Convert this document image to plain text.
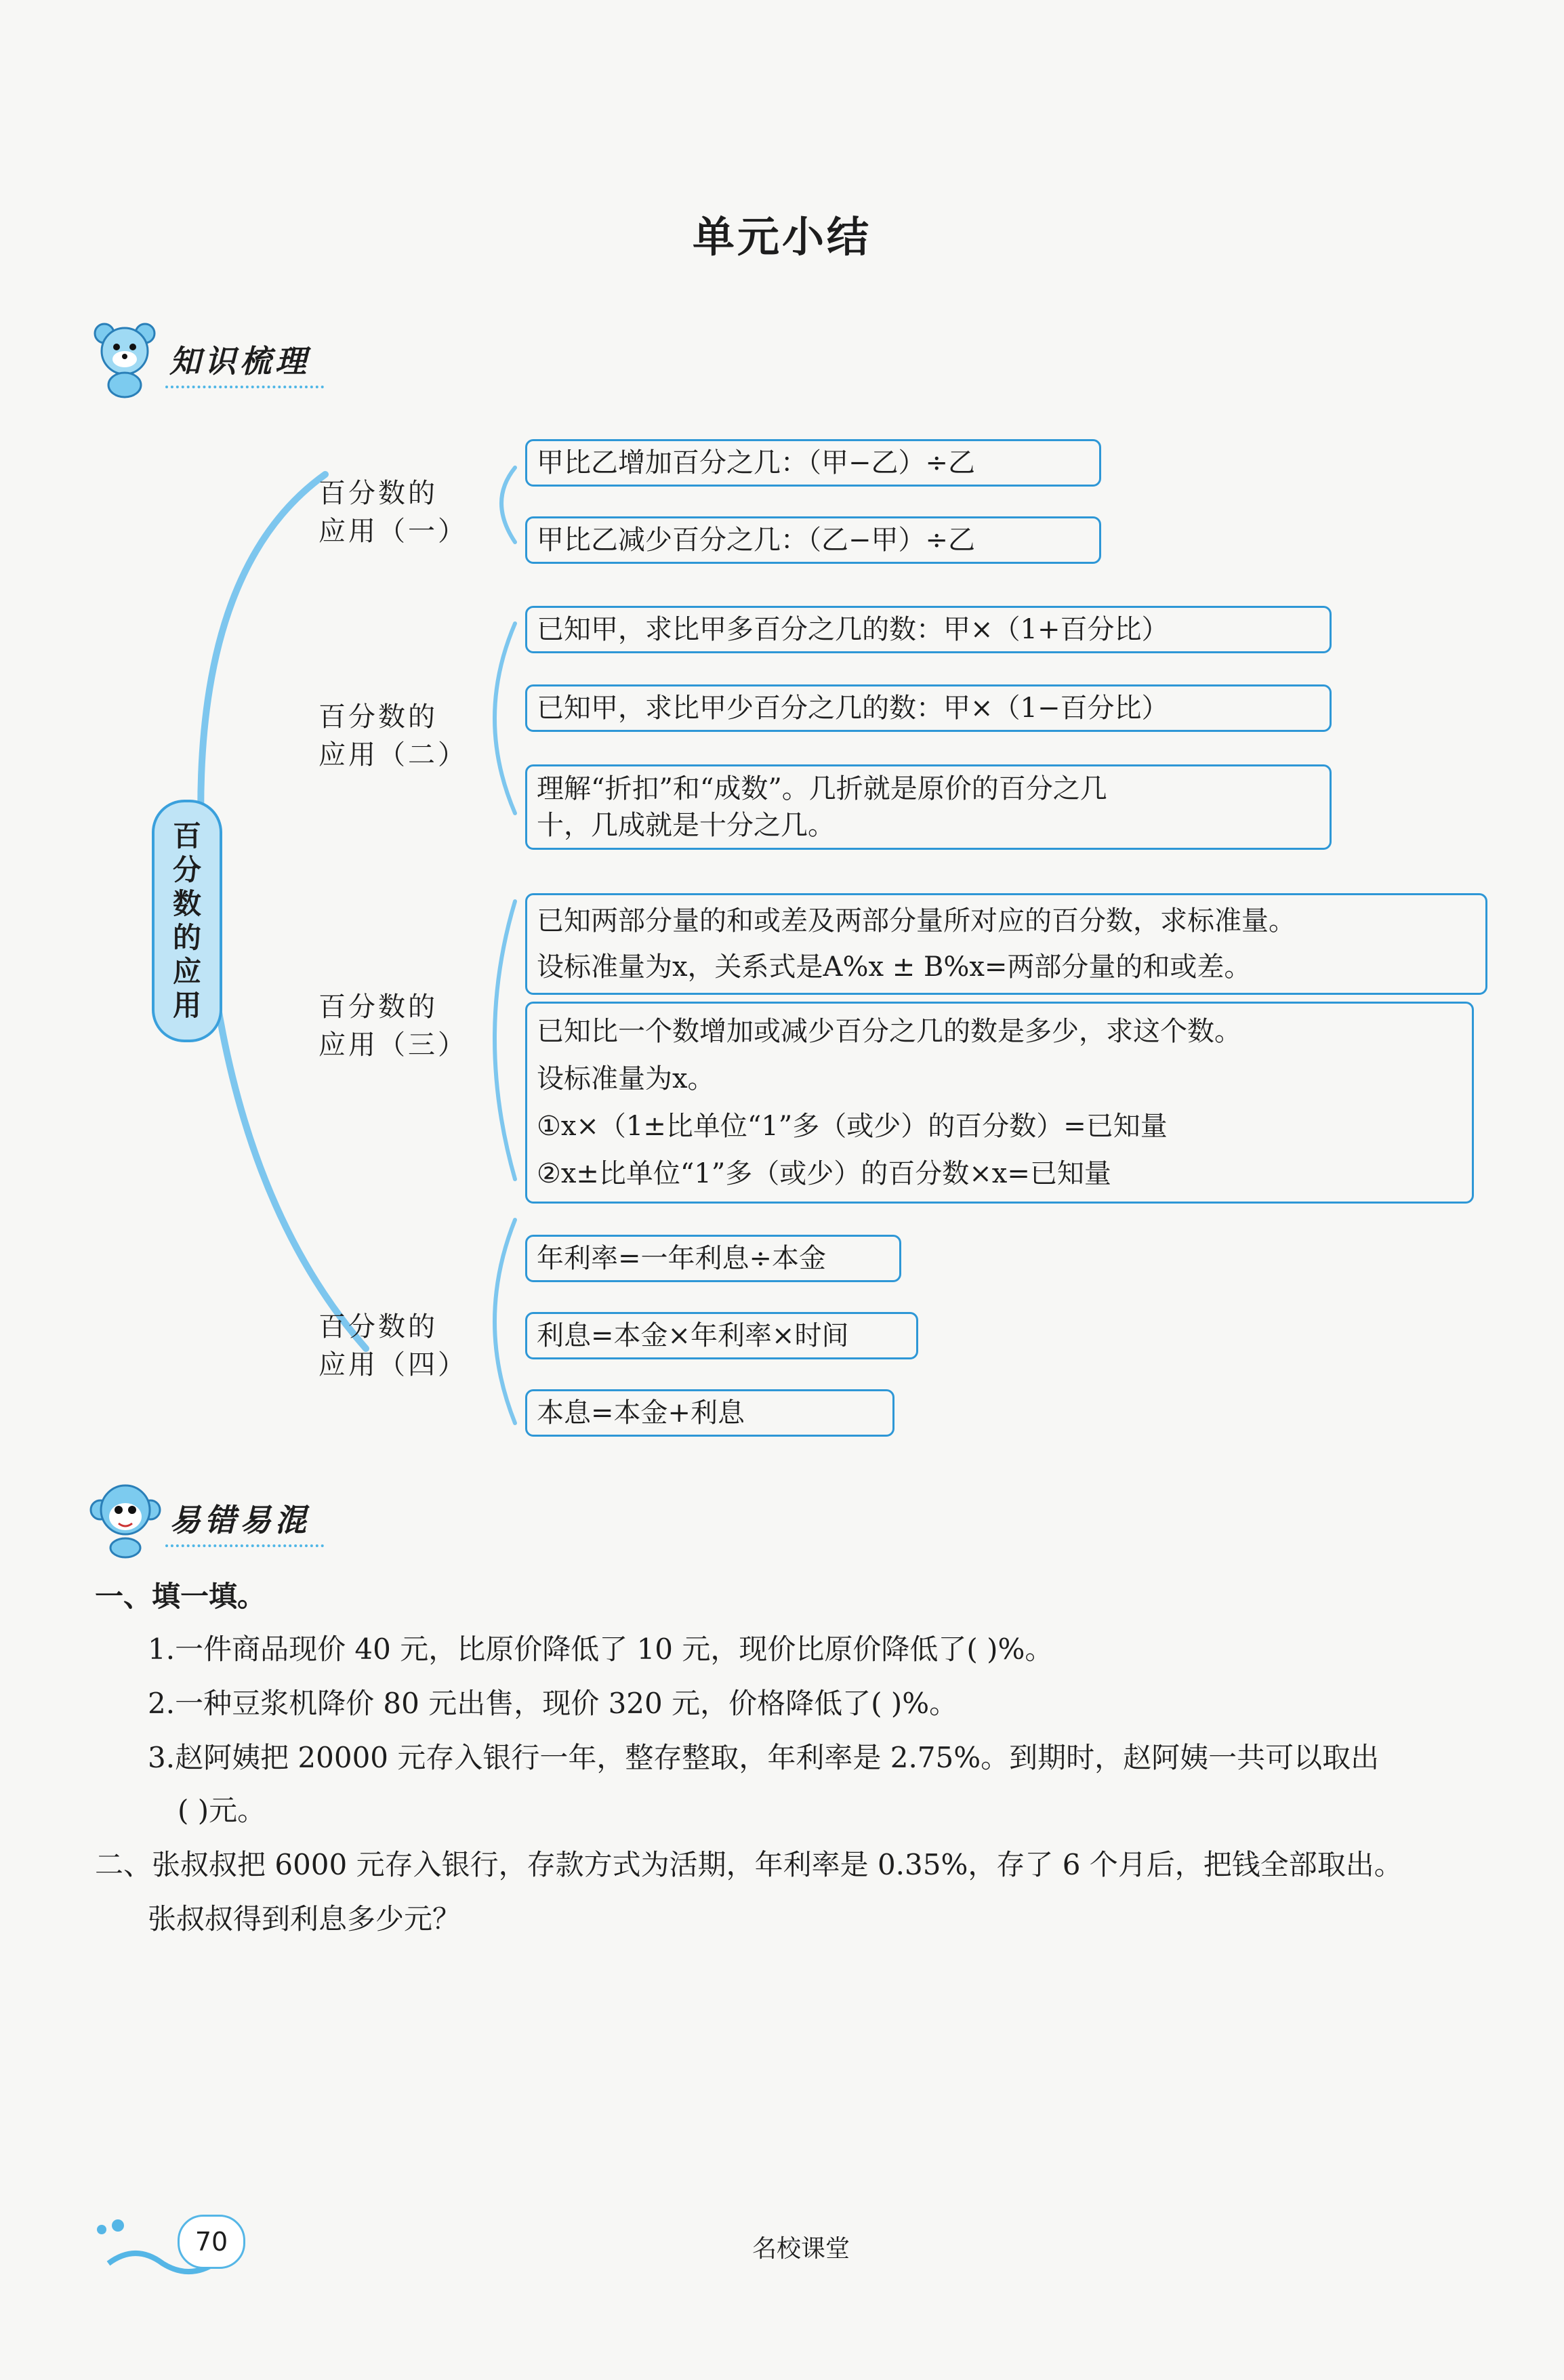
单元小结
知识梳理
百分数的应用
百分数的
应用（一）
甲比乙增加百分之几：（甲−乙）÷乙
甲比乙减少百分之几：（乙−甲）÷乙
百分数的
应用（二）
已知甲，求比甲多百分之几的数：甲×（1+百分比）
已知甲，求比甲少百分之几的数：甲×（1−百分比）
理解“折扣”和“成数”。几折就是原价的百分之几
十，几成就是十分之几。
百分数的
应用（三）
已知两部分量的和或差及两部分量所对应的百分数，求标准量。
设标准量为x，关系式是A%x ± B%x=两部分量的和或差。
已知比一个数增加或减少百分之几的数是多少，求这个数。
设标准量为x。
①x×（1±比单位“1”多（或少）的百分数）=已知量
②x±比单位“1”多（或少）的百分数×x=已知量
百分数的
应用（四）
年利率=一年利息÷本金
利息=本金×年利率×时间
本息=本金+利息
易错易混
一、填一填。
1.一件商品现价 40 元，比原价降低了 10 元，现价比原价降低了( )%。
2.一种豆浆机降价 80 元出售，现价 320 元，价格降低了( )%。
3.赵阿姨把 20000 元存入银行一年，整存整取，年利率是 2.75%。到期时，赵阿姨一共可以取出
( )元。
二、张叔叔把 6000 元存入银行，存款方式为活期，年利率是 0.35%，存了 6 个月后，把钱全部取出。
张叔叔得到利息多少元？
70	名校课堂
